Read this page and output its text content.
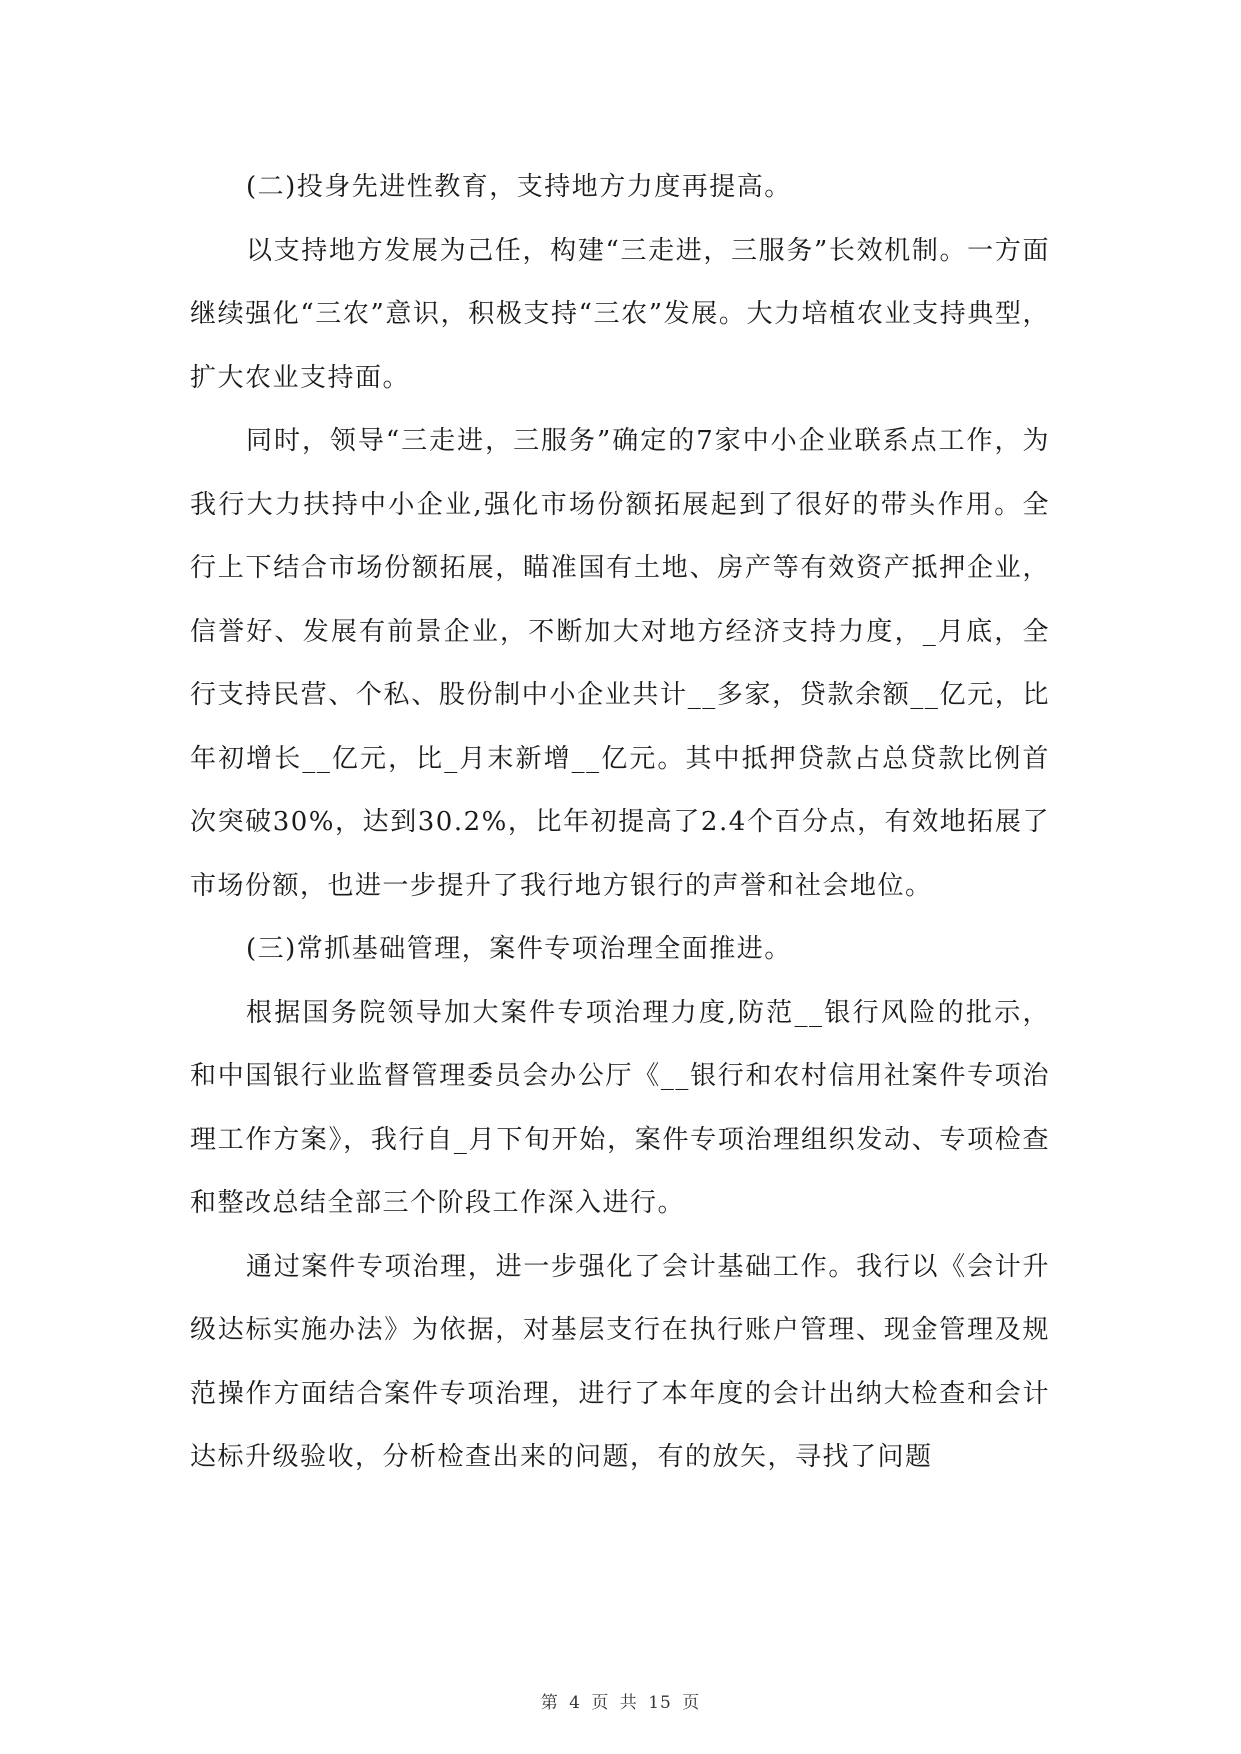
(二)投身先进性教育，支持地方力度再提高。

以支持地方发展为己任，构建“三走进，三服务”长效机制。一方面继续强化“三农”意识，积极支持“三农”发展。大力培植农业支持典型，扩大农业支持面。

同时，领导“三走进，三服务”确定的7家中小企业联系点工作，为我行大力扶持中小企业,强化市场份额拓展起到了很好的带头作用。全行上下结合市场份额拓展，瞄准国有土地、房产等有效资产抵押企业，信誉好、发展有前景企业，不断加大对地方经济支持力度，_月底，全行支持民营、个私、股份制中小企业共计__多家，贷款余额__亿元，比年初增长__亿元，比_月末新增__亿元。其中抵押贷款占总贷款比例首次突破30%，达到30.2%，比年初提高了2.4个百分点，有效地拓展了市场份额，也进一步提升了我行地方银行的声誉和社会地位。

(三)常抓基础管理，案件专项治理全面推进。

根据国务院领导加大案件专项治理力度,防范__银行风险的批示，和中国银行业监督管理委员会办公厅《__银行和农村信用社案件专项治理工作方案》，我行自_月下旬开始，案件专项治理组织发动、专项检查和整改总结全部三个阶段工作深入进行。

通过案件专项治理，进一步强化了会计基础工作。我行以《会计升级达标实施办法》为依据，对基层支行在执行账户管理、现金管理及规范操作方面结合案件专项治理，进行了本年度的会计出纳大检查和会计达标升级验收，分析检查出来的问题，有的放矢，寻找了问题

第 4 页 共 15 页
